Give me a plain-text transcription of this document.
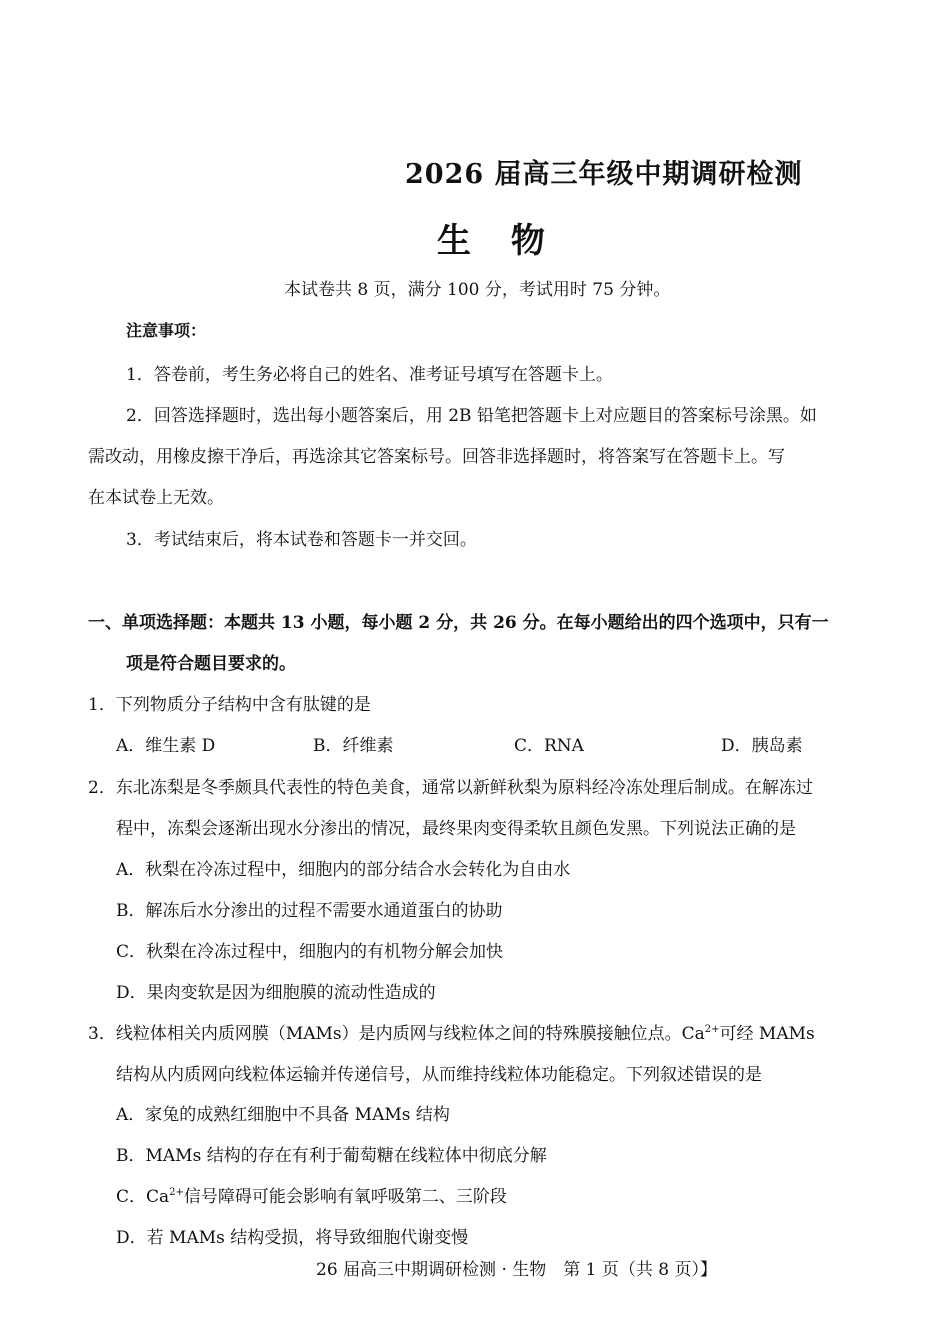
2026 届高三年级中期调研检测
生 物
本试卷共 8 页，满分 100 分，考试用时 75 分钟。
注意事项：
1．答卷前，考生务必将自己的姓名、准考证号填写在答题卡上。
2．回答选择题时，选出每小题答案后，用 2B 铅笔把答题卡上对应题目的答案标号涂黑。如
需改动，用橡皮擦干净后，再选涂其它答案标号。回答非选择题时，将答案写在答题卡上。写
在本试卷上无效。
3．考试结束后，将本试卷和答题卡一并交回。
一、单项选择题：本题共 13 小题，每小题 2 分，共 26 分。在每小题给出的四个选项中，只有一
项是符合题目要求的。
1．下列物质分子结构中含有肽键的是
A．维生素 D	B．纤维素	C．RNA	D．胰岛素
2．东北冻梨是冬季颇具代表性的特色美食，通常以新鲜秋梨为原料经冷冻处理后制成。在解冻过
程中，冻梨会逐渐出现水分渗出的情况，最终果肉变得柔软且颜色发黑。下列说法正确的是
A．秋梨在冷冻过程中，细胞内的部分结合水会转化为自由水
B．解冻后水分渗出的过程不需要水通道蛋白的协助
C．秋梨在冷冻过程中，细胞内的有机物分解会加快
D．果肉变软是因为细胞膜的流动性造成的
3．线粒体相关内质网膜（MAMs）是内质网与线粒体之间的特殊膜接触位点。$Ca^{2+}$可经 MAMs
结构从内质网向线粒体运输并传递信号，从而维持线粒体功能稳定。下列叙述错误的是
A．家兔的成熟红细胞中不具备 MAMs 结构
B．MAMs 结构的存在有利于葡萄糖在线粒体中彻底分解
C．$Ca^{2+}$信号障碍可能会影响有氧呼吸第二、三阶段
D．若 MAMs 结构受损，将导致细胞代谢变慢
26 届高三中期调研检测 · 生物　第 1 页（共 8 页）】
